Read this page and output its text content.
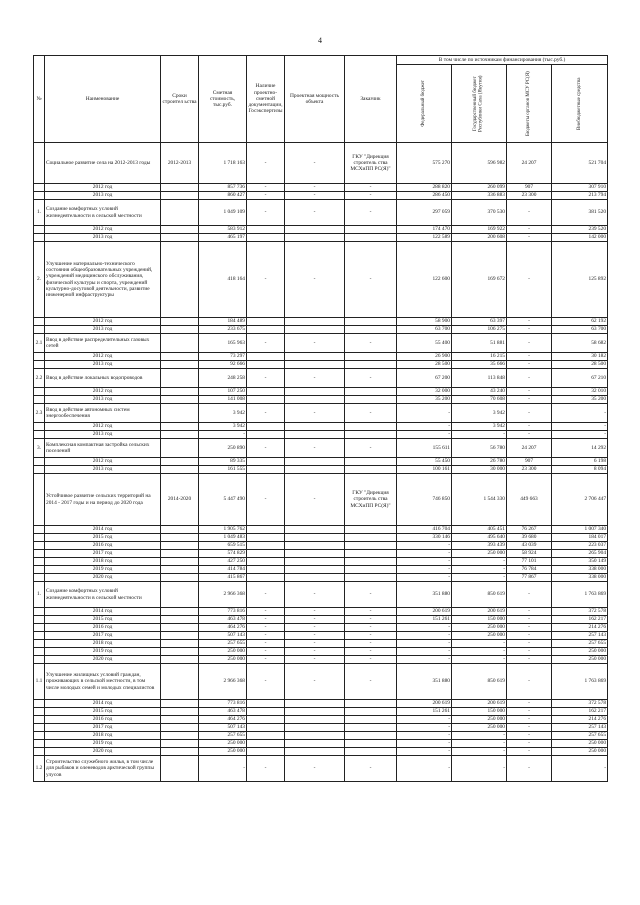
4
№	Наименование	Сроки строител ьства	Сметная стоимость, тыс.руб.	Наличие проектно-сметной документации, Госэкспертизы	Проектная мощность объекта	Заказчик	В том числе по источникам финансирования (тыс.руб.)			

							Федеральный бюджет	Государственный бюджет Республики Саха (Якутия)	Бюджеты органов МСУ РС(Я)	Внебюджетные средства

	Социальное развитие села на 2012-2013 годы	2012-2013	1 718 163	-	-	ГКУ "Дирекция строитель ства МСХиПП РС(Я)"	575 270	596 982	24 207	521 704
	2012 год		857 736	-	-	-	288 820	260 099	907	307 910
	2013 год		860 427	-	-	-	286 450	336 883	23 300	213 794
1.	Создание комфортных условий жизнедеятельности в сельской местности		1 049 109	-	-	-	297 059	370 530	-	381 520
	2012 год		583 912				174 470	169 922	-	239 520
	2013 год		465 197				122 589	200 608	-	142 000
2.	Улучшение материально-технического состояния общеобразовательных учреждений, учреждений медицинского обслуживания, физической культуры и спорта, учреждений культурно-досуговой деятельности, развитие инженерной инфраструктуры		418 164	-	-	-	122 600	169 672	-	125 892
	2012 год		184 489				58 900	63 397	-	62 192
	2013 год		233 675				63 700	106 275	-	63 700
2.1	Ввод в действие распределительных газовых сетей		165 963	-	-	-	55 400	51 881	-	58 682
	2012 год		73 297				26 900	16 215	-	30 182
	2013 год		92 666				28 500	35 666	-	28 500
2.2	Ввод в действие локальных водопроводов		248 258	-	-	-	67 200	113 848	-	67 210
	2012 год		107 250				32 000	43 240	-	32 010
	2013 год		141 008				35 200	70 608	-	35 200
2.3	Ввод в действие автономных систем энергообеспечения		3 942	-	-	-	-	3 942	-	-
	2012 год		3 942				-	3 942	-	-
	2013 год		-				-	-	-	-
3.	Комплексная компактная застройка сельских поселений		250 890	-	-	-	155 611	56 780	24 207	14 292
	2012 год		89 335				55 450	26 780	907	6 198
	2013 год		161 555				100 161	30 000	23 300	8 094
	Устойчивое развитие сельских территорий на 2014 - 2017 годы и на период до 2020 года	2014-2020	5 447 490	-	-	ГКУ "Дирекция строитель ства МСХиПП РС(Я)"	746 850	1 544 330	449 663	2 706 447
	2014 год		1 905 762				416 704	405 451	76 267	1 007 340
	2015 год		1 049 483				330 146	495 640	39 680	184 017
	2016 год		659 515				-	393 439	43 039	223 037
	2017 год		574 829				-	250 000	58 924	265 904
	2018 год		427 250				-	-	77 101	350 149
	2019 год		414 784				-	-	76 784	338 000
	2020 год		415 867				-	-	77 867	338 000
1.	Создание комфортных условий жизнедеятельности в сельской местности		2 966 368	-	-	-	351 880	850 619	-	1 763 869
	2014 год		773 816	-	-	-	200 619	200 619	-	372 578
	2015 год		463 478	-	-	-	151 261	150 000	-	162 217
	2016 год		464 276	-	-	-	-	250 000	-	214 276
	2017 год		507 143	-	-	-	-	250 000	-	257 143
	2018 год		257 655	-	-	-	-	-	-	257 655
	2019 год		250 000	-	-	-	-	-	-	250 000
	2020 год		250 000	-	-	-	-	-	-	250 000
1.1	Улучшение жилищных условий граждан, проживающих в сельской местности, в том числе молодых семей и молодых специалистов		2 966 368	-	-	-	351 880	850 619	-	1 763 869
	2014 год		773 816				200 619	200 619	-	372 578
	2015 год		463 478				151 261	150 000	-	162 217
	2016 год		464 276				-	250 000	-	214 276
	2017 год		507 143				-	250 000	-	257 143
	2018 год		257 655				-	-	-	257 655
	2019 год		250 000				-	-	-	250 000
	2020 год		250 000				-	-	-	250 000
1.2	Строительство служебного жилья, в том числе для рыбаков и оленеводов арктической группы улусов		-	-	-	-	-	-	-	-
